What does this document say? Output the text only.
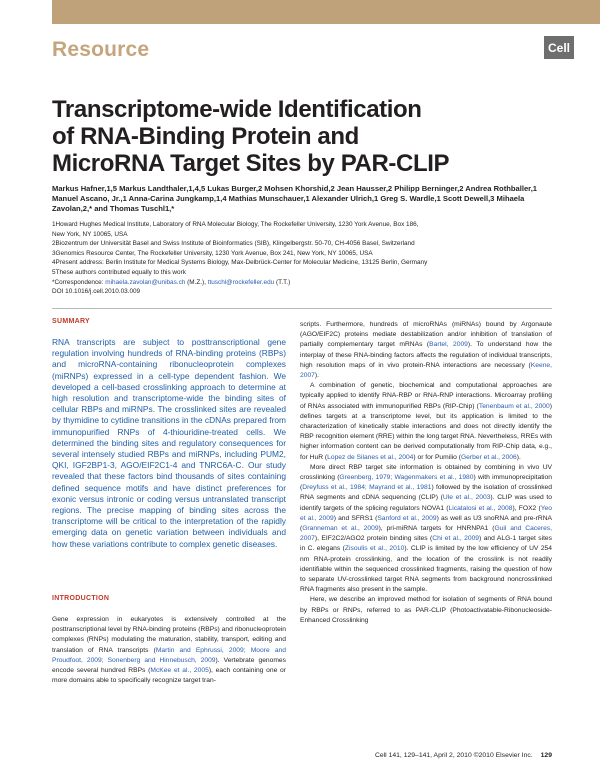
Resource	Cell
Transcriptome-wide Identification
of RNA-Binding Protein and
MicroRNA Target Sites by PAR-CLIP
Markus Hafner,1,5 Markus Landthaler,1,4,5 Lukas Burger,2 Mohsen Khorshid,2 Jean Hausser,2 Philipp Berninger,2 Andrea Rothballer,1 Manuel Ascano, Jr.,1 Anna-Carina Jungkamp,1,4 Mathias Munschauer,1 Alexander Ulrich,1 Greg S. Wardle,1 Scott Dewell,3 Mihaela Zavolan,2,* and Thomas Tuschl1,*
1Howard Hughes Medical Institute, Laboratory of RNA Molecular Biology, The Rockefeller University, 1230 York Avenue, Box 186,
New York, NY 10065, USA
2Biozentrum der Universität Basel and Swiss Institute of Bioinformatics (SIB), Klingelbergstr. 50-70, CH-4056 Basel, Switzerland
3Genomics Resource Center, The Rockefeller University, 1230 York Avenue, Box 241, New York, NY 10065, USA
4Present address: Berlin Institute for Medical Systems Biology, Max-Delbrück-Center for Molecular Medicine, 13125 Berlin, Germany
5These authors contributed equally to this work
*Correspondence: mihaela.zavolan@unibas.ch (M.Z.), ttuschl@rockefeller.edu (T.T.)
DOI 10.1016/j.cell.2010.03.009
SUMMARY
RNA transcripts are subject to posttranscriptional gene regulation involving hundreds of RNA-binding proteins (RBPs) and microRNA-containing ribonucleoprotein complexes (miRNPs) expressed in a cell-type dependent fashion. We developed a cell-based crosslinking approach to determine at high resolution and transcriptome-wide the binding sites of cellular RBPs and miRNPs. The crosslinked sites are revealed by thymidine to cytidine transitions in the cDNAs prepared from immunopurified RNPs of 4-thiouridine-treated cells. We determined the binding sites and regulatory consequences for several intensely studied RBPs and miRNPs, including PUM2, QKI, IGF2BP1-3, AGO/EIF2C1-4 and TNRC6A-C. Our study revealed that these factors bind thousands of sites containing defined sequence motifs and have distinct preferences for exonic versus intronic or coding versus untranslated transcript regions. The precise mapping of binding sites across the transcriptome will be critical to the interpretation of the rapidly emerging data on genetic variation between individuals and how these variations contribute to complex genetic diseases.
INTRODUCTION
Gene expression in eukaryotes is extensively controlled at the posttranscriptional level by RNA-binding proteins (RBPs) and ribonucleoprotein complexes (RNPs) modulating the maturation, stability, transport, editing and translation of RNA transcripts (Martin and Ephrussi, 2009; Moore and Proudfoot, 2009; Sonenberg and Hinnebusch, 2009). Vertebrate genomes encode several hundred RBPs (McKee et al., 2005), each containing one or more domains able to specifically recognize target tran-

scripts. Furthermore, hundreds of microRNAs (miRNAs) bound by Argonaute (AGO/EIF2C) proteins mediate destabilization and/or inhibition of translation of partially complementary target mRNAs (Bartel, 2009). To understand how the interplay of these RNA-binding factors affects the regulation of individual transcripts, high resolution maps of in vivo protein-RNA interactions are necessary (Keene, 2007).

A combination of genetic, biochemical and computational approaches are typically applied to identify RNA-RBP or RNA-RNP interactions. Microarray profiling of RNAs associated with immunopurified RBPs (RIP-Chip) (Tenenbaum et al., 2000) defines targets at a transcriptome level, but its application is limited to the characterization of kinetically stable interactions and does not directly identify the RBP recognition element (RRE) within the long target RNA. Nevertheless, RREs with higher information content can be derived computationally from RIP-Chip data, e.g., for HuR (Lopez de Silanes et al., 2004) or for Pumilio (Gerber et al., 2006).

More direct RBP target site information is obtained by combining in vivo UV crosslinking (Greenberg, 1979; Wagenmakers et al., 1980) with immunoprecipitation (Dreyfuss et al., 1984; Mayrand et al., 1981) followed by the isolation of crosslinked RNA segments and cDNA sequencing (CLIP) (Ule et al., 2003). CLIP was used to identify targets of the splicing regulators NOVA1 (Licatalosi et al., 2008), FOX2 (Yeo et al., 2009) and SFRS1 (Sanford et al., 2009) as well as U3 snoRNA and pre-rRNA (Granneman et al., 2009), pri-miRNA targets for HNRNPA1 (Guil and Caceres, 2007), EIF2C2/AGO2 protein binding sites (Chi et al., 2009) and ALG-1 target sites in C. elegans (Zisoulis et al., 2010). CLIP is limited by the low efficiency of UV 254 nm RNA-protein crosslinking, and the location of the crosslink is not readily identifiable within the sequenced crosslinked fragments, raising the question of how to separate UV-crosslinked target RNA segments from background noncrosslinked RNA fragments also present in the sample.

Here, we describe an improved method for isolation of segments of RNA bound by RBPs or RNPs, referred to as PAR-CLIP (Photoactivatable-Ribonucleoside-Enhanced Crosslinking

Cell 141, 129–141, April 2, 2010 ©2010 Elsevier Inc. 129
